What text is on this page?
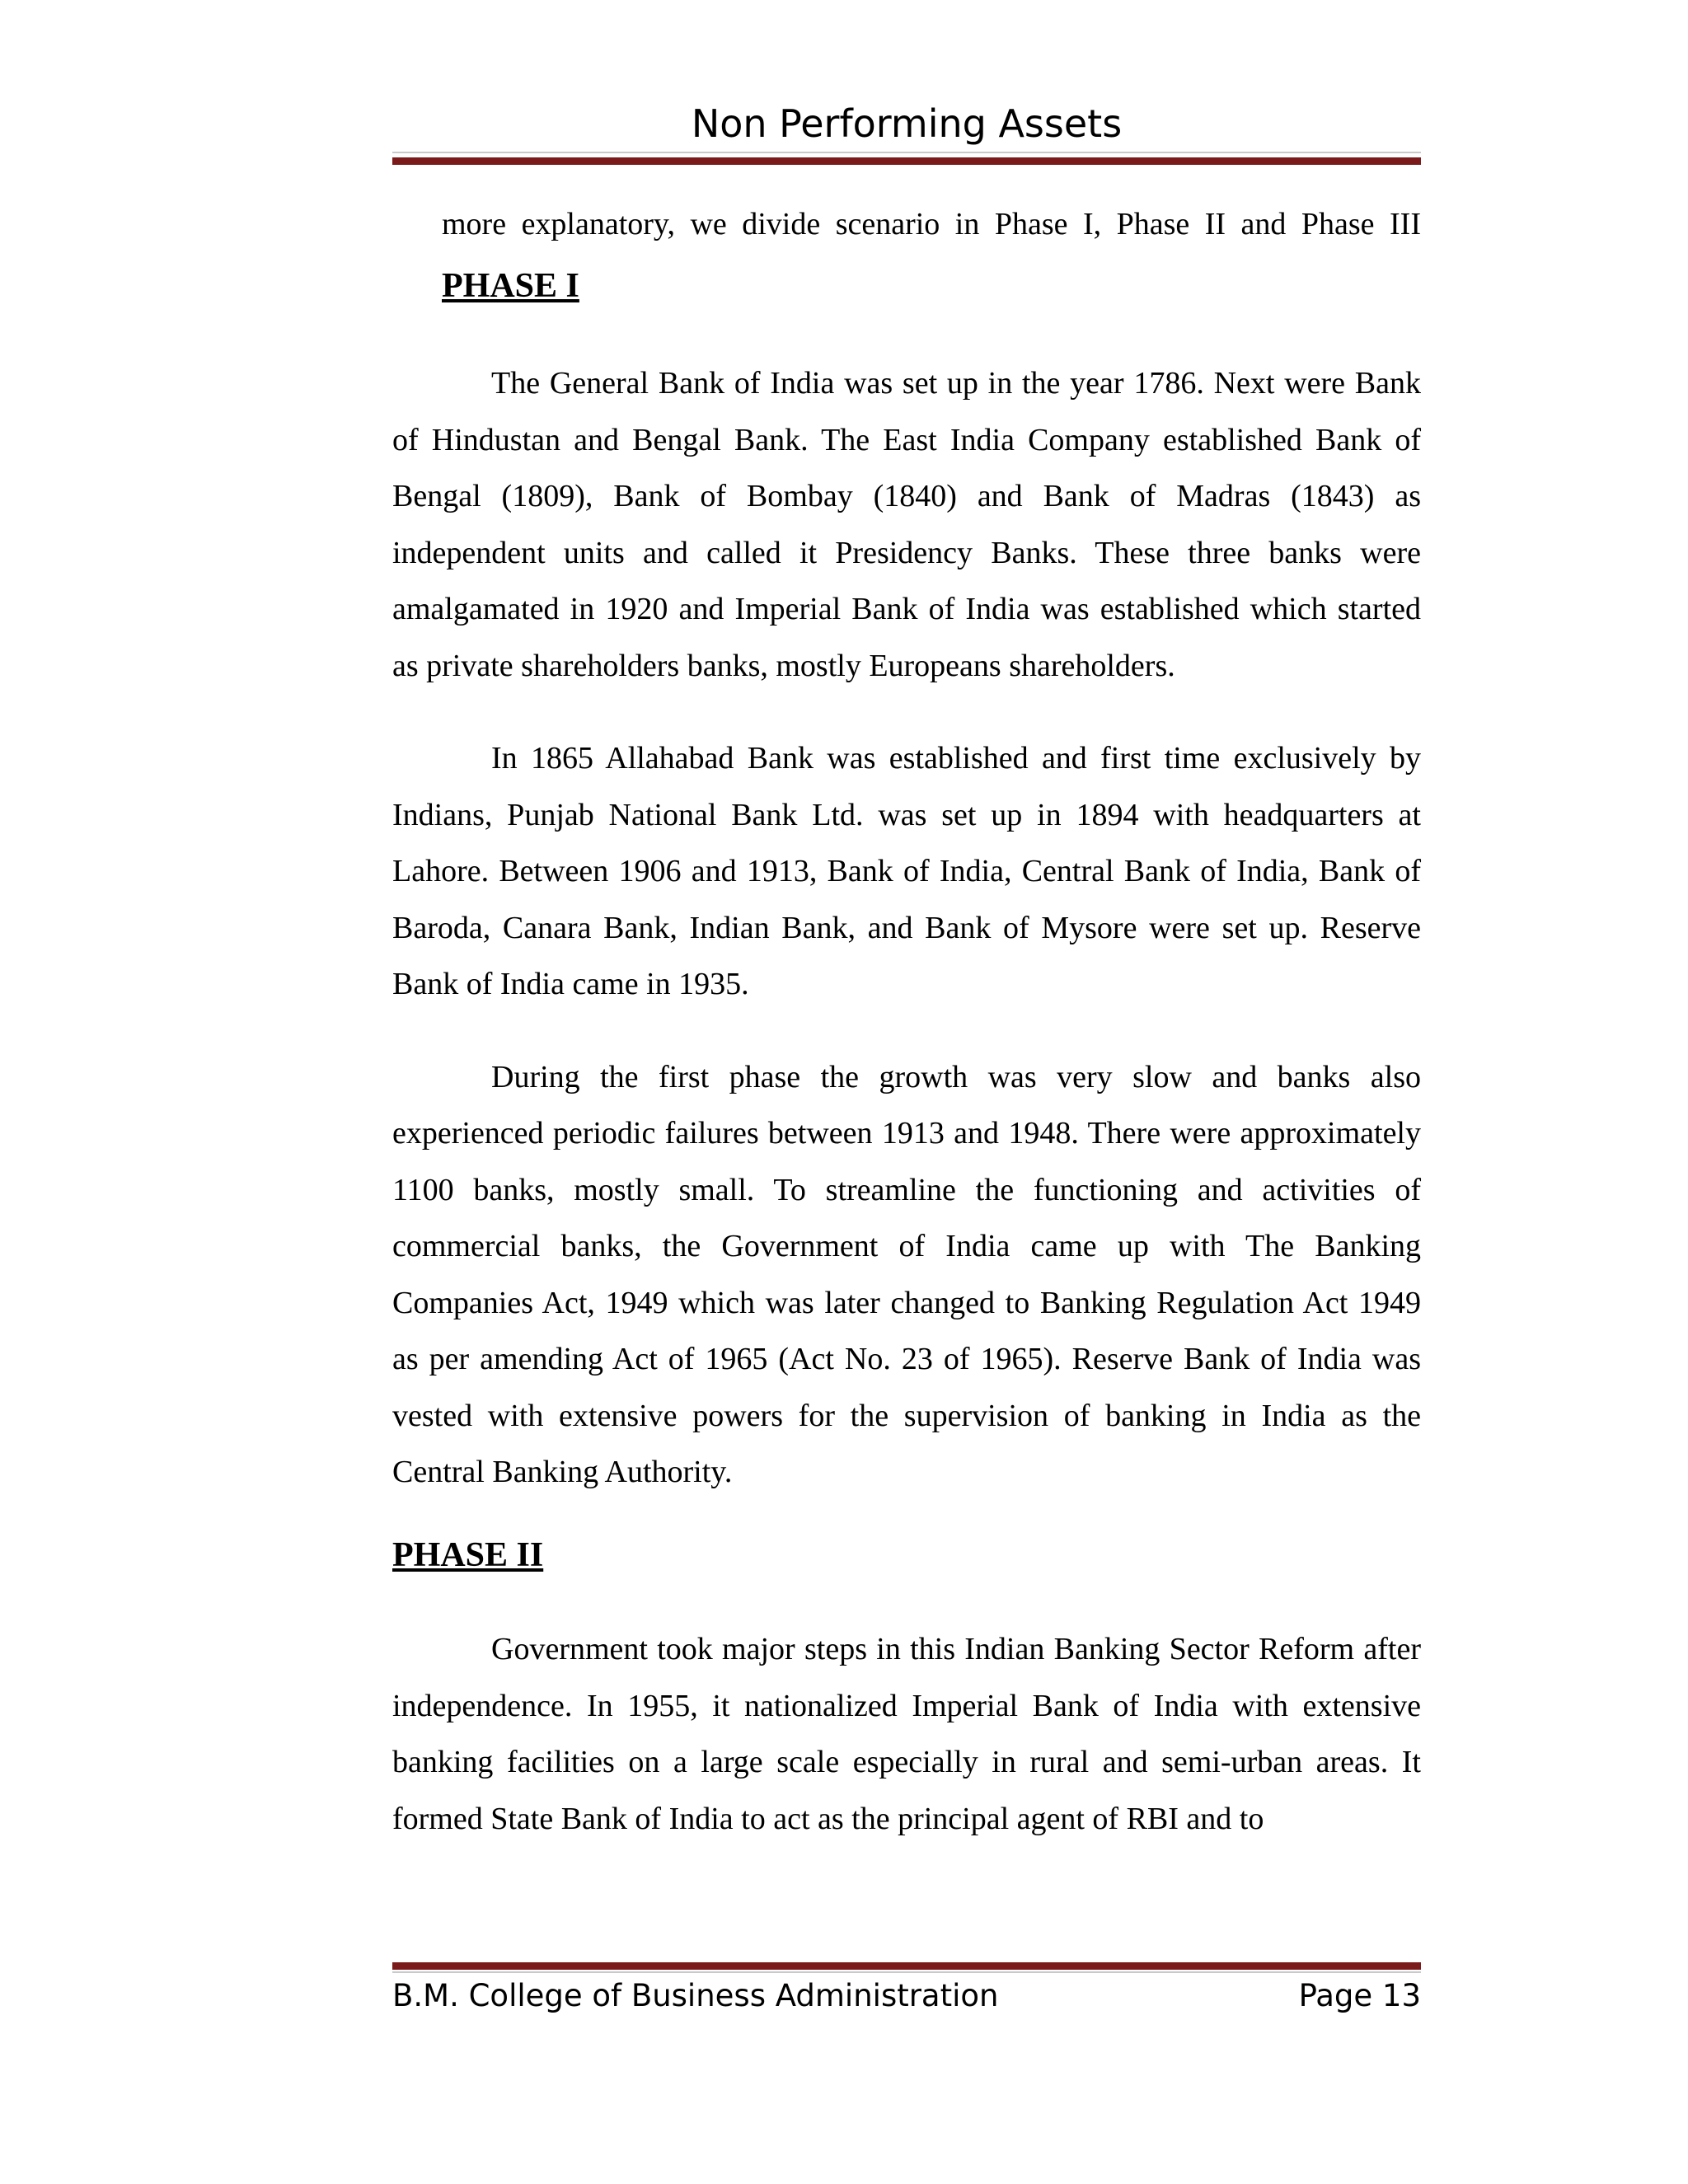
Non Performing Assets

more explanatory, we divide scenario in Phase I, Phase II and Phase III

PHASE I

The General Bank of India was set up in the year 1786. Next were Bank of Hindustan and Bengal Bank. The East India Company established Bank of Bengal (1809), Bank of Bombay (1840) and Bank of Madras (1843) as independent units and called it Presidency Banks. These three banks were amalgamated in 1920 and Imperial Bank of India was established which started as private shareholders banks, mostly Europeans shareholders.

In 1865 Allahabad Bank was established and first time exclusively by Indians, Punjab National Bank Ltd. was set up in 1894 with headquarters at Lahore. Between 1906 and 1913, Bank of India, Central Bank of India, Bank of Baroda, Canara Bank, Indian Bank, and Bank of Mysore were set up. Reserve Bank of India came in 1935.

During the first phase the growth was very slow and banks also experienced periodic failures between 1913 and 1948. There were approximately 1100 banks, mostly small. To streamline the functioning and activities of commercial banks, the Government of India came up with The Banking Companies Act, 1949 which was later changed to Banking Regulation Act 1949 as per amending Act of 1965 (Act No. 23 of 1965). Reserve Bank of India was vested with extensive powers for the supervision of banking in India as the Central Banking Authority.

PHASE II

Government took major steps in this Indian Banking Sector Reform after independence. In 1955, it nationalized Imperial Bank of India with extensive banking facilities on a large scale especially in rural and semi-urban areas. It formed State Bank of India to act as the principal agent of RBI and to

B.M. College of Business Administration	Page 13
